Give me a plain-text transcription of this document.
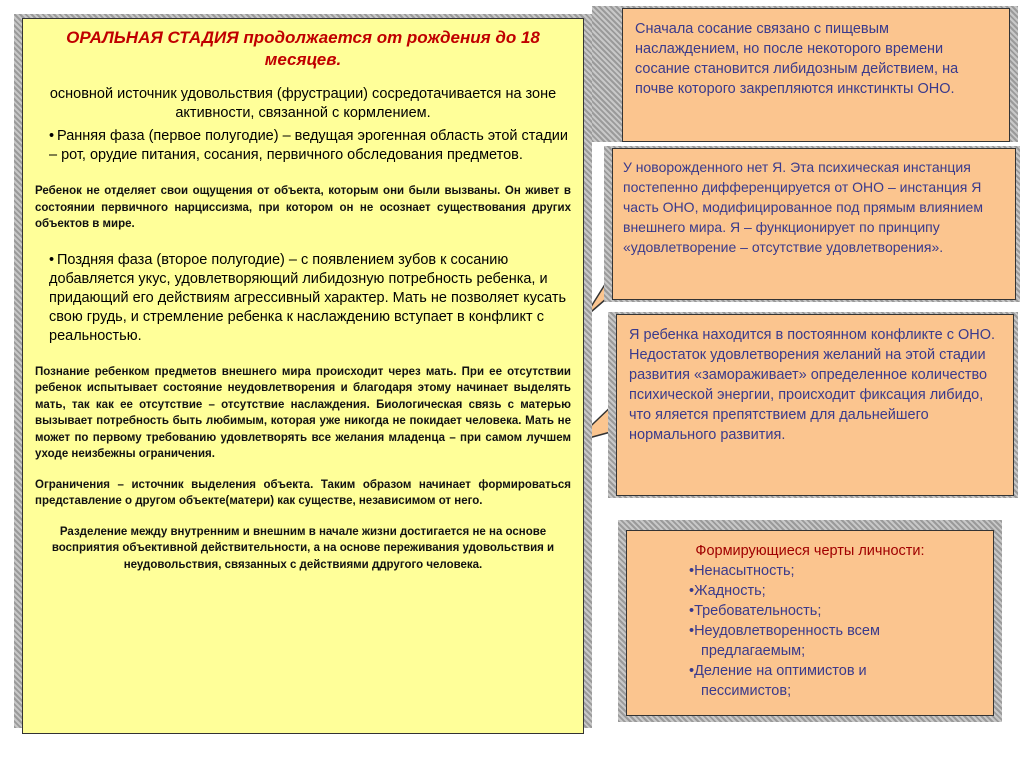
ОРАЛЬНАЯ СТАДИЯ продолжается от рождения до 18 месяцев.

основной источник удовольствия (фрустрации) сосредотачивается на зоне активности, связанной с кормлением.

• Ранняя фаза (первое полугодие) – ведущая эрогенная область этой стадии – рот, орудие питания, сосания, первичного обследования предметов.

Ребенок не отделяет свои ощущения от объекта, которым они были вызваны. Он живет в состоянии первичного нарциссизма, при котором он не осознает существования других объектов в мире.

• Поздняя фаза (второе полугодие) – с появлением зубов к сосанию добавляется укус, удовлетворяющий либидозную потребность ребенка, и придающий его действиям агрессивный характер. Мать не позволяет кусать свою грудь, и стремление ребенка к наслаждению вступает в конфликт с реальностью.

Познание ребенком предметов внешнего мира происходит через мать. При ее отсутствии ребенок испытывает состояние неудовлетворения и благодаря этому начинает выделять мать, так как ее отсутствие – отсутствие наслаждения. Биологическая связь с матерью вызывает потребность быть любимым, которая уже никогда не покидает человека. Мать не может по первому требованию удовлетворять все желания младенца – при самом лучшем уходе неизбежны ограничения.

Ограничения – источник выделения объекта. Таким образом начинает формироваться представление о другом объекте(матери) как существе, независимом от него.

Разделение между внутренним и внешним в начале жизни достигается не на основе восприятия объективной действительности, а на основе переживания удовольствия и неудовольствия, связанных с действиями ддругого человека.

Сначала сосание связано с пищевым наслаждением, но после некоторого времени сосание становится либидозным действием, на почве которого закрепляются инкстинкты ОНО.

У новорожденного нет Я. Эта психическая инстанция постепенно дифференцируется от ОНО – инстанция Я часть ОНО, модифицированное под прямым влиянием внешнего мира. Я – функционирует по принципу «удовлетворение – отсутствие удовлетворения».

Я ребенка находится в постоянном конфликте с ОНО. Недостаток удовлетворения желаний на этой стадии развития «замораживает» определенное количество психической энергии, происходит фиксация либидо, что яляется препятствием для дальнейшего нормального развития.

Формирующиеся черты личности:

•Ненасытность;

•Жадность;

•Требовательность;

•Неудовлетворенность всем

предлагаемым;

•Деление на оптимистов и

пессимистов;
